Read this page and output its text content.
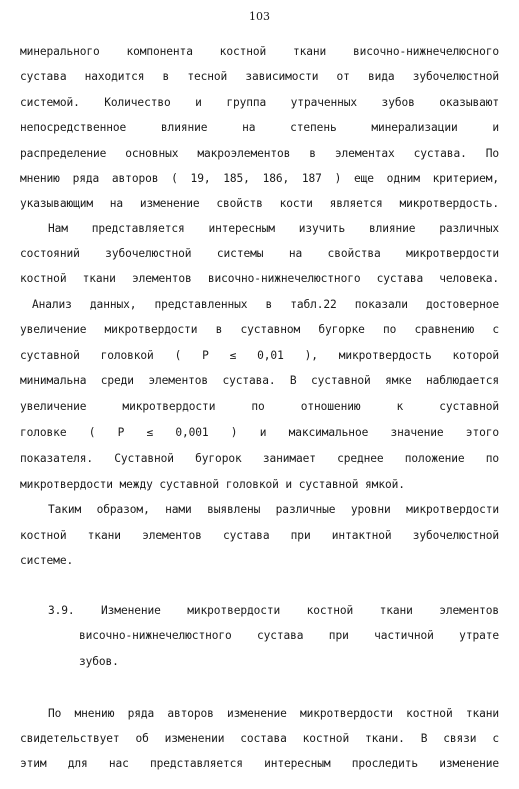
103
минерального компонента костной ткани височно-нижнечелюсного
сустава находится в тесной зависимости от вида зубочелюстной
системой. Количество и группа утраченных зубов оказывают
непосредственное влияние на степень минерализации и
распределение основных макроэлементов в элементах сустава. По
мнению ряда авторов ( 19, 185, 186, 187 ) еще одним критерием,
указывающим на изменение свойств кости является микротвердость.
Нам представляется интересным изучить влияние различных
состояний зубочелюстной системы на свойства микротвердости
костной ткани элементов височно-нижнечелюстного сустава человека.
Анализ данных, представленных в табл.22 показали достоверное
увеличение микротвердости в суставном бугорке по сравнению с
суставной головкой ( Р ≤ 0,01 ), микротвердость которой
минимальна среди элементов сустава. В суставной ямке наблюдается
увеличение микротвердости по отношению к суставной
головке ( Р ≤ 0,001 ) и максимальное значение этого
показателя. Суставной бугорок занимает среднее положение по
микротвердости между суставной головкой и суставной ямкой.
Таким образом, нами выявлены различные уровни микротвердости
костной ткани элементов сустава при интактной зубочелюстной
системе.
3.9. Изменение микротвердости костной ткани элементов
височно-нижнечелюстного сустава при частичной утрате
зубов.
По мнению ряда авторов изменение микротвердости костной ткани
свидетельствует об изменении состава костной ткани. В связи с
этим для нас представляется интересным проследить изменение
